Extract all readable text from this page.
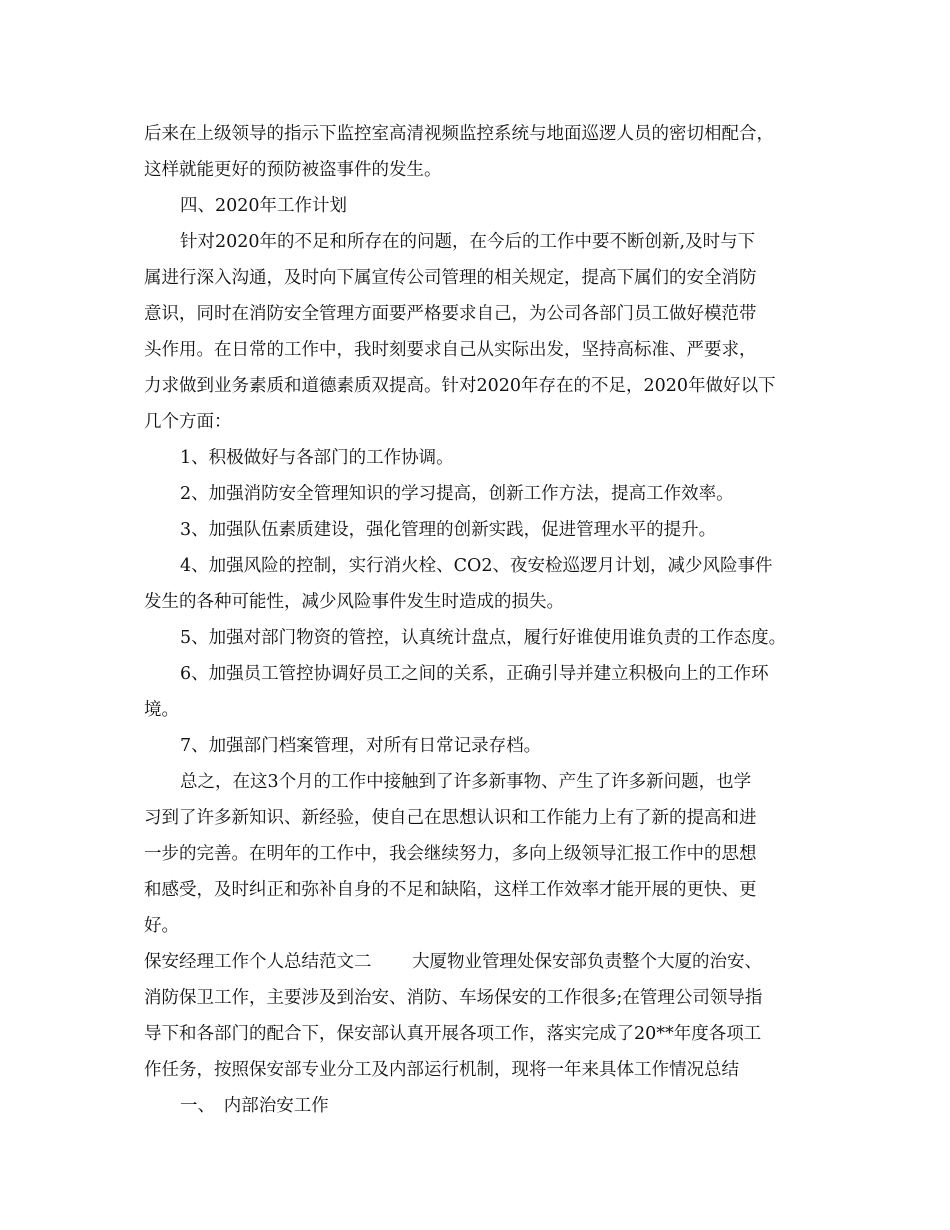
后来在上级领导的指示下监控室高清视频监控系统与地面巡逻人员的密切相配合，
这样就能更好的预防被盗事件的发生。
四、2020年工作计划
针对2020年的不足和所存在的问题，在今后的工作中要不断创新,及时与下
属进行深入沟通，及时向下属宣传公司管理的相关规定，提高下属们的安全消防
意识，同时在消防安全管理方面要严格要求自己，为公司各部门员工做好模范带
头作用。在日常的工作中，我时刻要求自己从实际出发，坚持高标准、严要求，
力求做到业务素质和道德素质双提高。针对2020年存在的不足，2020年做好以下
几个方面：
1、积极做好与各部门的工作协调。
2、加强消防安全管理知识的学习提高，创新工作方法，提高工作效率。
3、加强队伍素质建设，强化管理的创新实践，促进管理水平的提升。
4、加强风险的控制，实行消火栓、CO2、夜安检巡逻月计划，减少风险事件
发生的各种可能性，减少风险事件发生时造成的损失。
5、加强对部门物资的管控，认真统计盘点，履行好谁使用谁负责的工作态度。
6、加强员工管控协调好员工之间的关系，正确引导并建立积极向上的工作环
境。
7、加强部门档案管理，对所有日常记录存档。
总之，在这3个月的工作中接触到了许多新事物、产生了许多新问题，也学
习到了许多新知识、新经验，使自己在思想认识和工作能力上有了新的提高和进
一步的完善。在明年的工作中，我会继续努力，多向上级领导汇报工作中的思想
和感受，及时纠正和弥补自身的不足和缺陷，这样工作效率才能开展的更快、更
好。
保安经理工作个人总结范文二　　 大厦物业管理处保安部负责整个大厦的治安、
消防保卫工作，主要涉及到治安、消防、车场保安的工作很多;在管理公司领导指
导下和各部门的配合下，保安部认真开展各项工作，落实完成了20**年度各项工
作任务，按照保安部专业分工及内部运行机制，现将一年来具体工作情况总结
一、　内部治安工作
